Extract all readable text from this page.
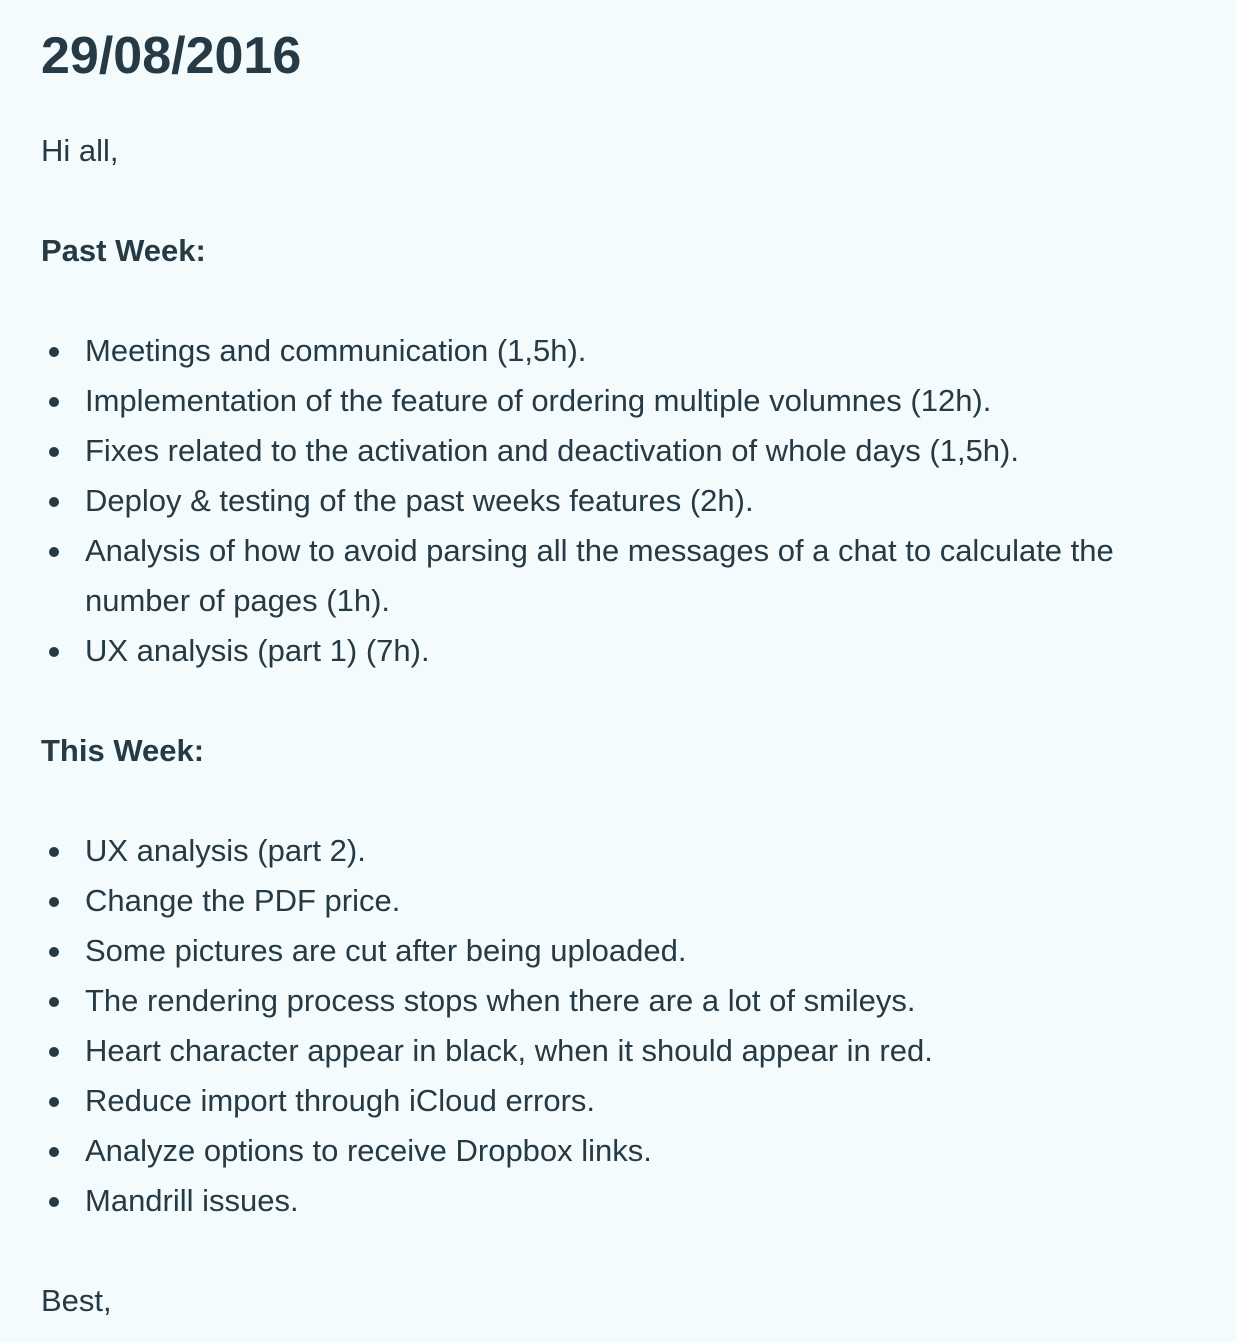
29/08/2016

Hi all,

Past Week:
Meetings and communication (1,5h).
Implementation of the feature of ordering multiple volumnes (12h).
Fixes related to the activation and deactivation of whole days (1,5h).
Deploy & testing of the past weeks features (2h).
Analysis of how to avoid parsing all the messages of a chat to calculate the number of pages (1h).
UX analysis (part 1) (7h).
This Week:
UX analysis (part 2).
Change the PDF price.
Some pictures are cut after being uploaded.
The rendering process stops when there are a lot of smileys.
Heart character appear in black, when it should appear in red.
Reduce import through iCloud errors.
Analyze options to receive Dropbox links.
Mandrill issues.

Best,
